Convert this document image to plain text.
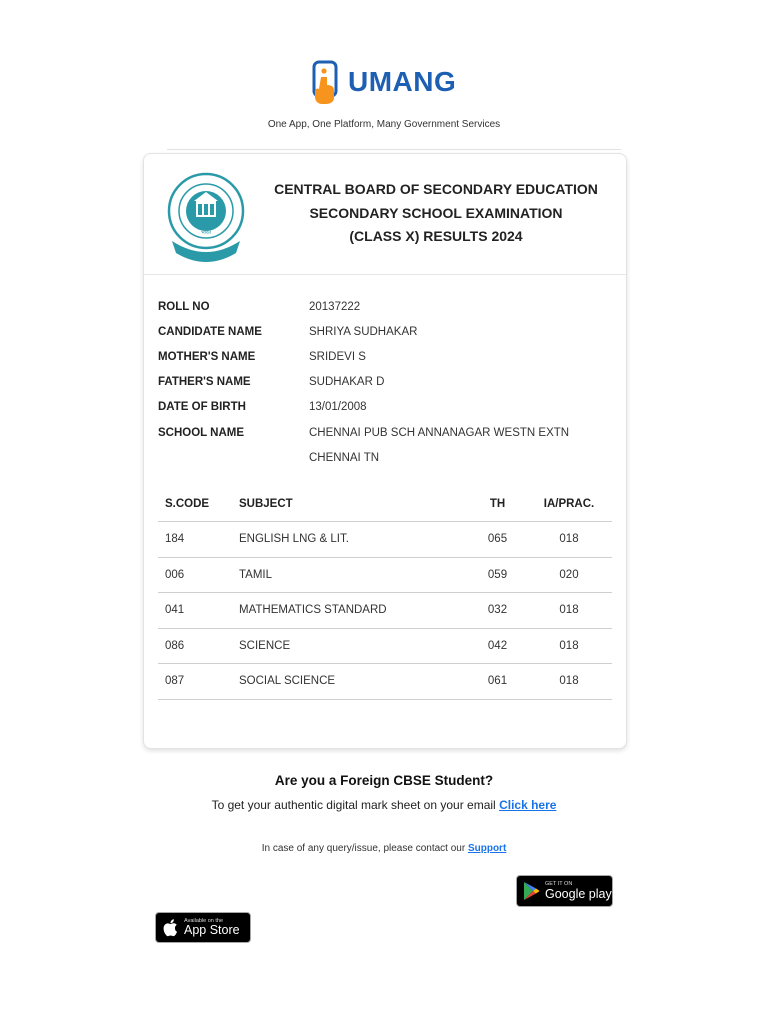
UMANG
One App, One Platform, Many Government Services
भारत
CENTRAL BOARD OF SECONDARY EDUCATION
SECONDARY SCHOOL EXAMINATION
(CLASS X) RESULTS 2024
ROLL NO	20137222
CANDIDATE NAME	SHRIYA SUDHAKAR
MOTHER'S NAME	SRIDEVI S
FATHER'S NAME	SUDHAKAR D
DATE OF BIRTH	13/01/2008
SCHOOL NAME	CHENNAI PUB SCH ANNANAGAR WESTN EXTN
CHENNAI TN
S.CODE	SUBJECT	TH	IA/PRAC.
184	ENGLISH LNG & LIT.	065	018
006	TAMIL	059	020
041	MATHEMATICS STANDARD	032	018
086	SCIENCE	042	018
087	SOCIAL SCIENCE	061	018
Are you a Foreign CBSE Student?
To get your authentic digital mark sheet on your email Click here
In case of any query/issue, please contact our Support
GET IT ON
Google play
Available on the
App Store
